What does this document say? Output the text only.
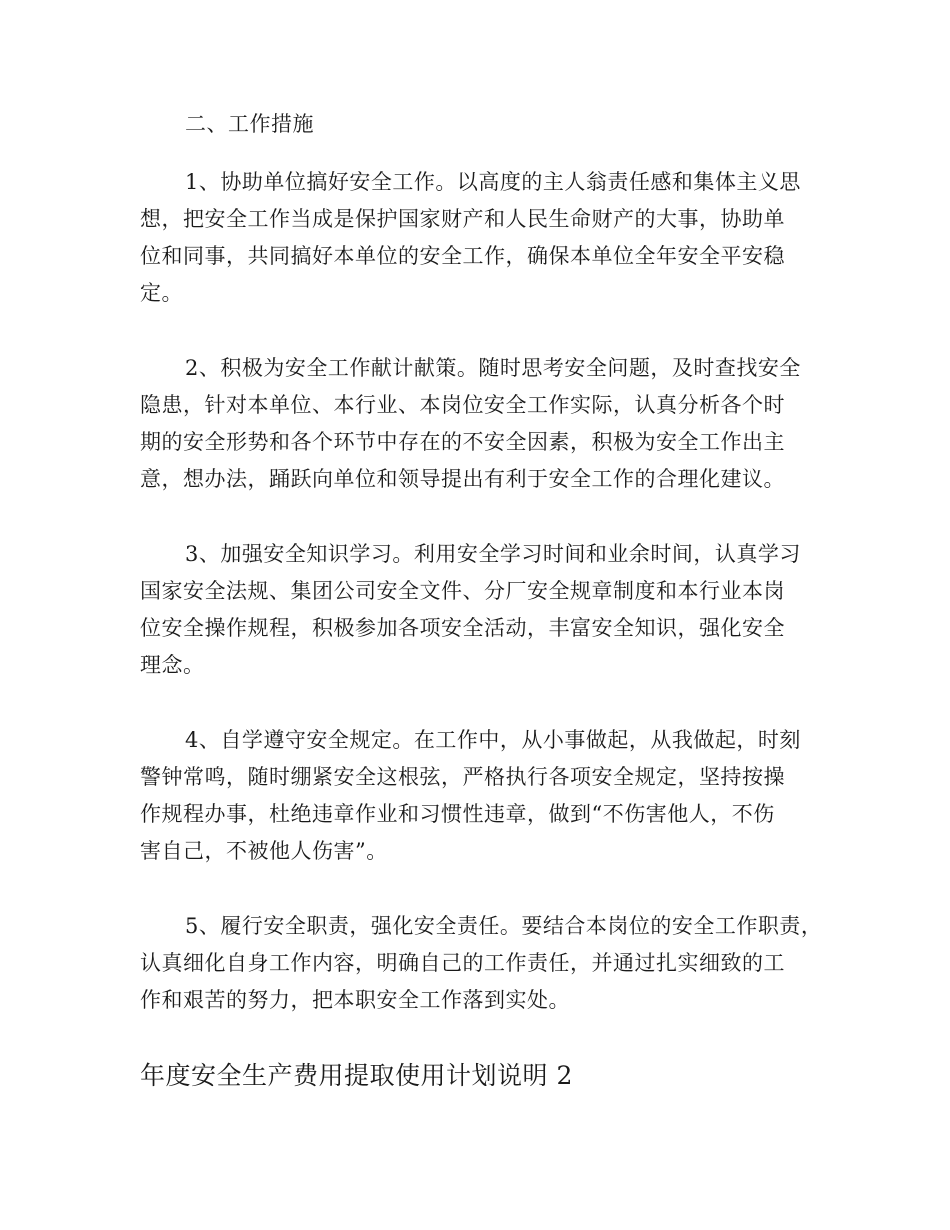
二、工作措施
1、协助单位搞好安全工作。以高度的主人翁责任感和集体主义思
想，把安全工作当成是保护国家财产和人民生命财产的大事，协助单
位和同事，共同搞好本单位的安全工作，确保本单位全年安全平安稳
定。
2、积极为安全工作献计献策。随时思考安全问题，及时查找安全
隐患，针对本单位、本行业、本岗位安全工作实际，认真分析各个时
期的安全形势和各个环节中存在的不安全因素，积极为安全工作出主
意，想办法，踊跃向单位和领导提出有利于安全工作的合理化建议。
3、加强安全知识学习。利用安全学习时间和业余时间，认真学习
国家安全法规、集团公司安全文件、分厂安全规章制度和本行业本岗
位安全操作规程，积极参加各项安全活动，丰富安全知识，强化安全
理念。
4、自学遵守安全规定。在工作中，从小事做起，从我做起，时刻
警钟常鸣，随时绷紧安全这根弦，严格执行各项安全规定，坚持按操
作规程办事，杜绝违章作业和习惯性违章，做到“不伤害他人，不伤
害自己，不被他人伤害”。
5、履行安全职责，强化安全责任。要结合本岗位的安全工作职责，
认真细化自身工作内容，明确自己的工作责任，并通过扎实细致的工
作和艰苦的努力，把本职安全工作落到实处。
年度安全生产费用提取使用计划说明 2
